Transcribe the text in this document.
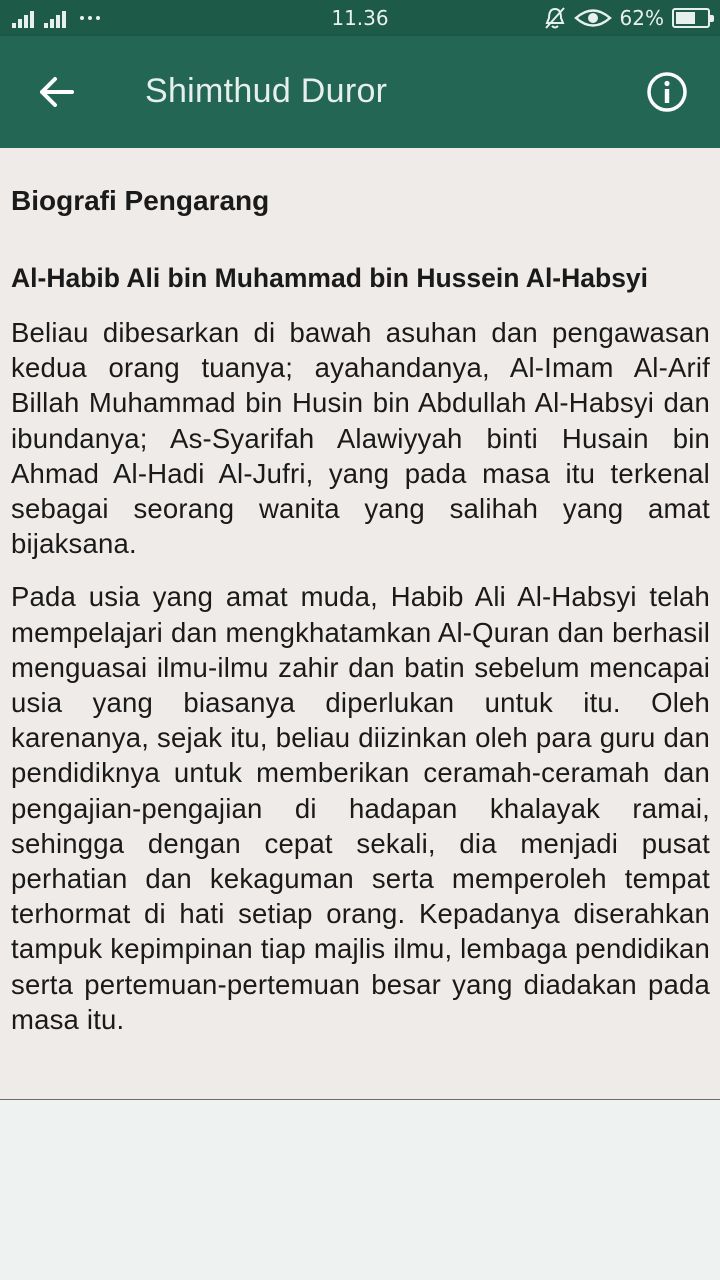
11.36	62%
Shimthud Duror
Biografi Pengarang
Al-Habib Ali bin Muhammad bin Hussein Al-Habsyi

Beliau dibesarkan di bawah asuhan dan pengawasan kedua orang tuanya; ayahandanya, Al-Imam Al-Arif Billah Muhammad bin Husin bin Abdullah Al-Habsyi dan ibundanya; As-Syarifah Alawiyyah binti Husain bin Ahmad Al-Hadi Al-Jufri, yang pada masa itu terkenal sebagai seorang wanita yang salihah yang amat bijaksana.

Pada usia yang amat muda, Habib Ali Al-Habsyi telah mempelajari dan mengkhatamkan Al-Quran dan berhasil menguasai ilmu-ilmu zahir dan batin sebelum mencapai usia yang biasanya diperlukan untuk itu. Oleh karenanya, sejak itu, beliau diizinkan oleh para guru dan pendidiknya untuk memberikan ceramah-ceramah dan pengajian-pengajian di hadapan khalayak ramai, sehingga dengan cepat sekali, dia menjadi pusat perhatian dan kekaguman serta memperoleh tempat terhormat di hati setiap orang. Kepadanya diserahkan tampuk kepimpinan tiap majlis ilmu, lembaga pendidikan serta pertemuan-pertemuan besar yang diadakan pada masa itu.
